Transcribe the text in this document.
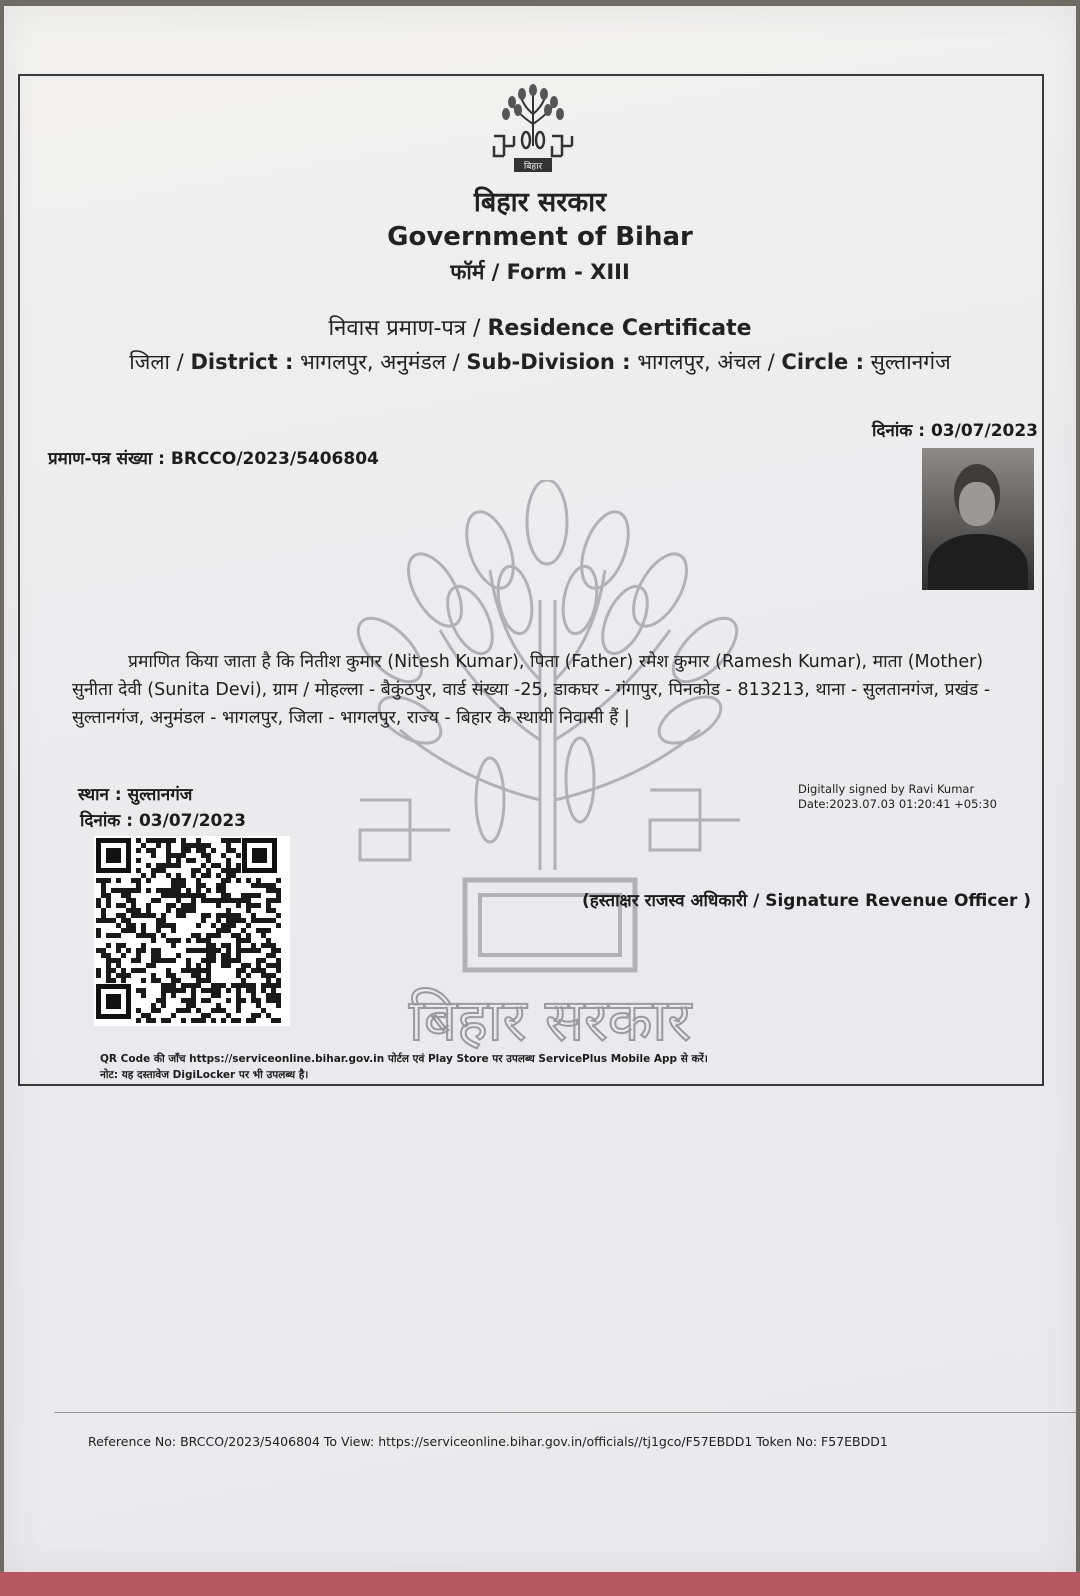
बिहार
बिहार सरकार
बिहार सरकार
Government of Bihar
फॉर्म / Form - XIII
निवास प्रमाण-पत्र / Residence Certificate
जिला / District : भागलपुर, अनुमंडल / Sub-Division : भागलपुर, अंचल / Circle : सुल्तानगंज
दिनांक : 03/07/2023
प्रमाण-पत्र संख्या : BRCCO/2023/5406804
प्रमाणित किया जाता है कि नितीश कुमार (Nitesh Kumar), पिता (Father) रमेश कुमार (Ramesh Kumar), माता (Mother)
सुनीता देवी (Sunita Devi), ग्राम / मोहल्ला - बैकुंठपुर, वार्ड संख्या -25, डाकघर - गंगापुर, पिनकोड - 813213, थाना - सुलतानगंज, प्रखंड -
सुल्तानगंज, अनुमंडल - भागलपुर, जिला - भागलपुर, राज्य - बिहार के स्थायी निवासी हैं |
स्थान : सुल्तानगंज
दिनांक : 03/07/2023
Digitally signed by Ravi Kumar
Date:2023.07.03 01:20:41 +05:30
(हस्ताक्षर राजस्व अधिकारी / Signature Revenue Officer )
QR Code की जाँच https://serviceonline.bihar.gov.in पोर्टल एवं Play Store पर उपलब्ध ServicePlus Mobile App से करें।
नोट: यह दस्तावेज DigiLocker पर भी उपलब्ध है।
Reference No: BRCCO/2023/5406804 To View: https://serviceonline.bihar.gov.in/officials//tj1gco/F57EBDD1 Token No: F57EBDD1
